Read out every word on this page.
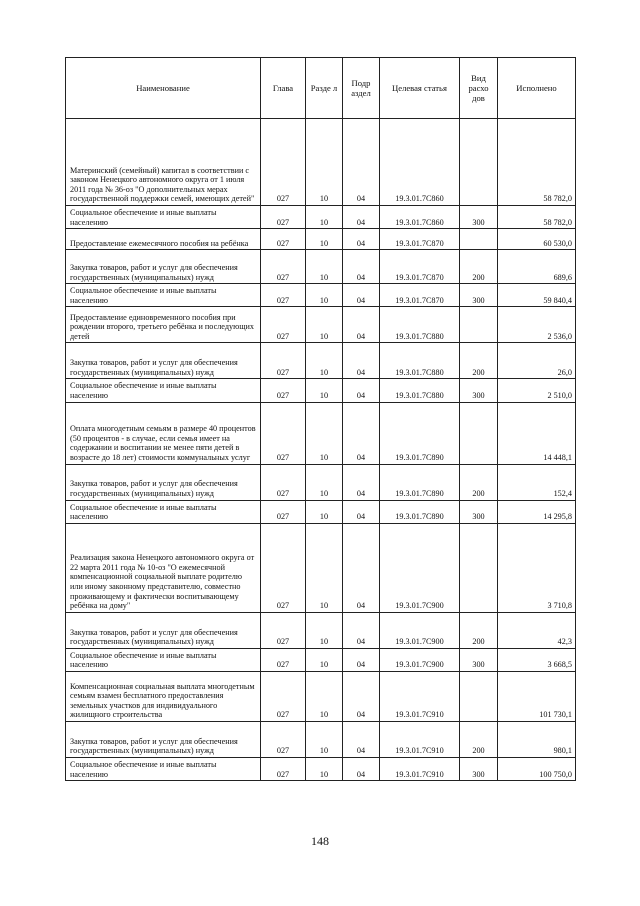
Наименование	Глава	Разде л	Подр аздел	Целевая статья	Вид расхо дов	Исполнено
Материнский (семейный) капитал в соответствии с законом Ненецкого автономного округа от 1 июля 2011 года № 36-оз "О дополнительных мерах государственной поддержки семей, имеющих детей"	027	10	04	19.3.01.7С860		58 782,0
Социальное обеспечение и иные выплаты населению	027	10	04	19.3.01.7С860	300	58 782,0
Предоставление ежемесячного пособия на ребёнка	027	10	04	19.3.01.7С870		60 530,0
Закупка товаров, работ и услуг для обеспечения государственных (муниципальных) нужд	027	10	04	19.3.01.7С870	200	689,6
Социальное обеспечение и иные выплаты населению	027	10	04	19.3.01.7С870	300	59 840,4
Предоставление единовременного пособия при рождении второго, третьего ребёнка и последующих детей	027	10	04	19.3.01.7С880		2 536,0
Закупка товаров, работ и услуг для обеспечения государственных (муниципальных) нужд	027	10	04	19.3.01.7С880	200	26,0
Социальное обеспечение и иные выплаты населению	027	10	04	19.3.01.7С880	300	2 510,0
Оплата многодетным семьям в размере 40 процентов (50 процентов - в случае, если семья имеет на содержании и воспитании не менее пяти детей в возрасте до 18 лет) стоимости коммунальных услуг	027	10	04	19.3.01.7С890		14 448,1
Закупка товаров, работ и услуг для обеспечения государственных (муниципальных) нужд	027	10	04	19.3.01.7С890	200	152,4
Социальное обеспечение и иные выплаты населению	027	10	04	19.3.01.7С890	300	14 295,8
Реализация закона Ненецкого автономного округа от 22 марта 2011 года № 10-оз "О ежемесячной компенсационной социальной выплате родителю или иному законному представителю, совместно проживающему и фактически воспитывающему ребёнка на дому"	027	10	04	19.3.01.7С900		3 710,8
Закупка товаров, работ и услуг для обеспечения государственных (муниципальных) нужд	027	10	04	19.3.01.7С900	200	42,3
Социальное обеспечение и иные выплаты населению	027	10	04	19.3.01.7С900	300	3 668,5
Компенсационная социальная выплата многодетным семьям взамен бесплатного предоставления земельных участков для индивидуального жилищного строительства	027	10	04	19.3.01.7С910		101 730,1
Закупка товаров, работ и услуг для обеспечения государственных (муниципальных) нужд	027	10	04	19.3.01.7С910	200	980,1
Социальное обеспечение и иные выплаты населению	027	10	04	19.3.01.7С910	300	100 750,0
148
